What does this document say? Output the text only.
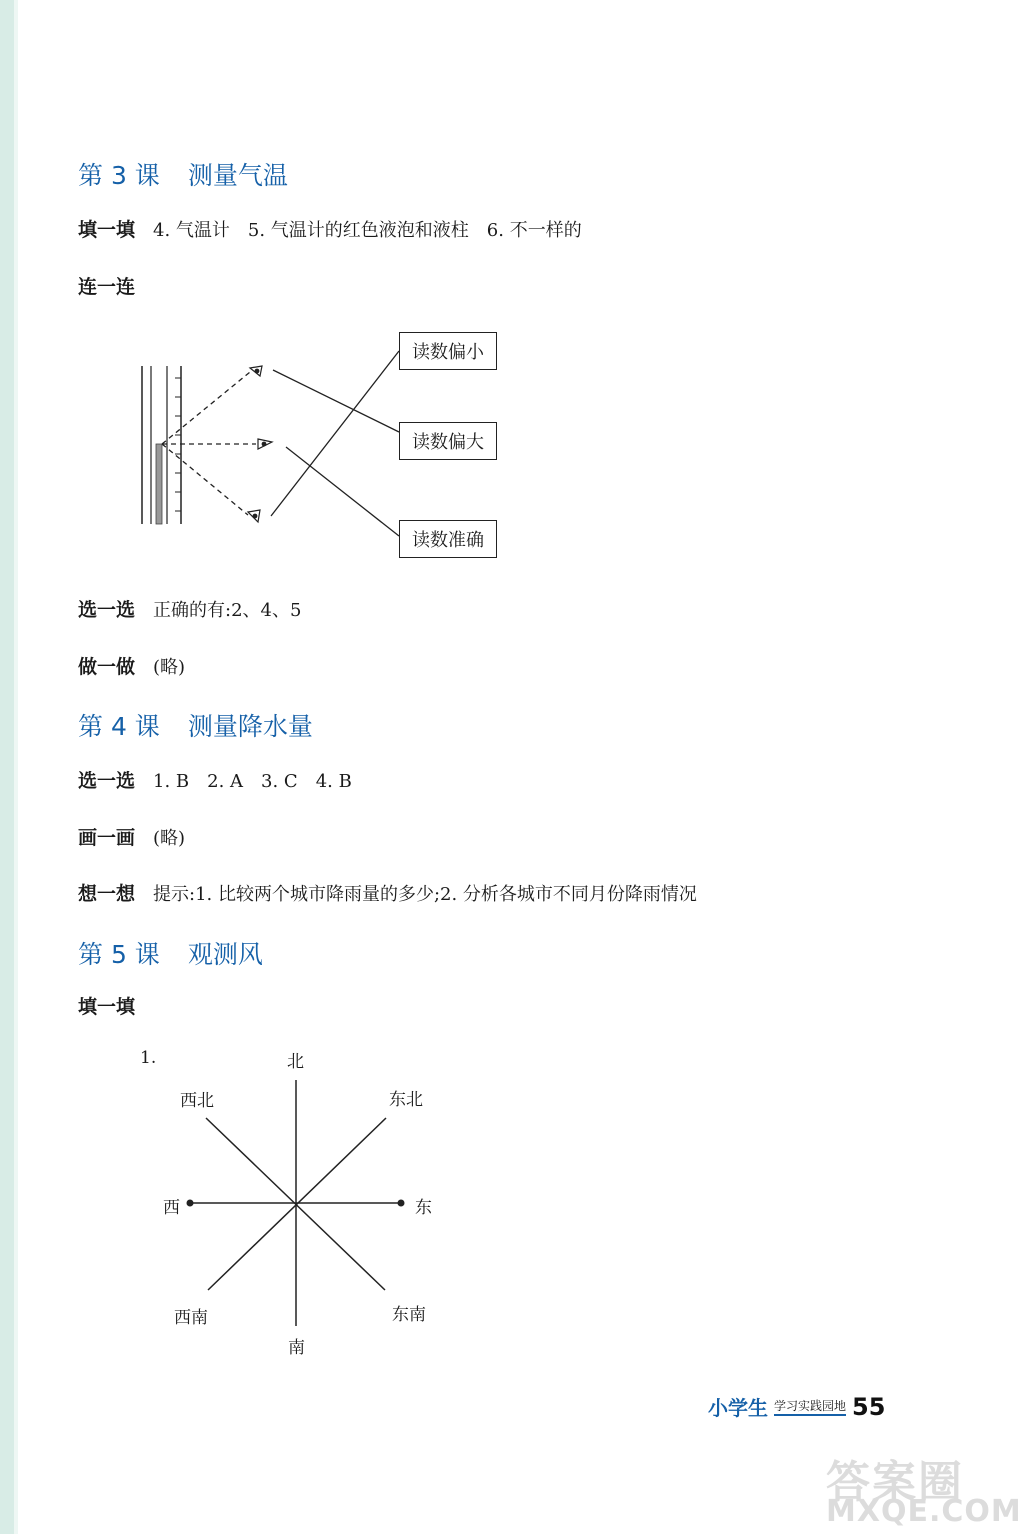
第 3 课 测量气温
填一填 4. 气温计　5. 气温计的红色液泡和液柱　6. 不一样的
连一连
读数偏小
读数偏大
读数准确
选一选 正确的有:2、4、5
做一做 (略)
第 4 课 测量降水量
选一选 1. B　2. A　3. C　4. B
画一画 (略)
想一想 提示:1. 比较两个城市降雨量的多少;2. 分析各城市不同月份降雨情况
第 5 课 观测风
填一填
1.	北
东北
东
东南
南
西南
西
西北
小学生 学习实践园地 55
答案圈
MXQE.COM
